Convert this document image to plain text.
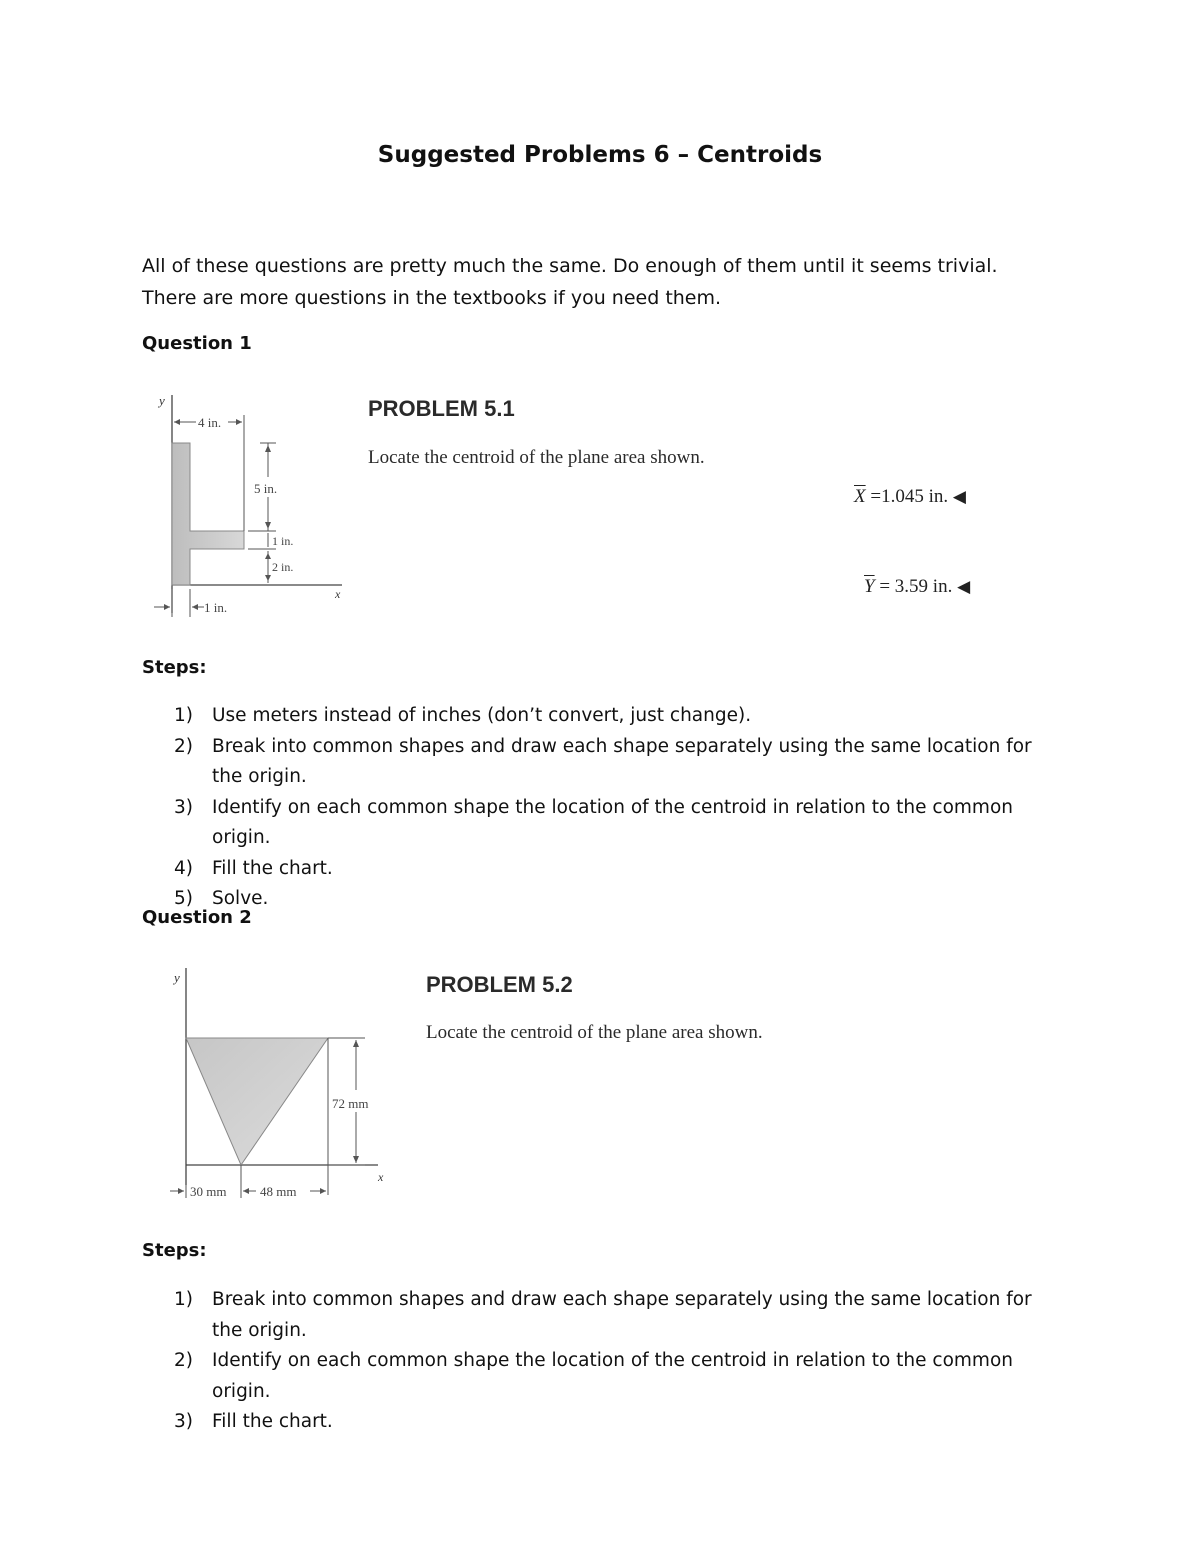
Suggested Problems 6 – Centroids
All of these questions are pretty much the same. Do enough of them until it seems trivial. There are more questions in the textbooks if you need them.
Question 1
y
x
4 in.
5 in.
1 in.
2 in.
1 in.
PROBLEM 5.1
Locate the centroid of the plane area shown.
$\overline{X} =1.045$ in. ◀
$\overline{Y} = 3.59$ in. ◀
Steps:
1) Use meters instead of inches (don’t convert, just change).
2) Break into common shapes and draw each shape separately using the same location for the origin.
3) Identify on each common shape the location of the centroid in relation to the common origin.
4) Fill the chart.
5) Solve.
Question 2
y
x
72 mm
30 mm	48 mm
PROBLEM 5.2
Locate the centroid of the plane area shown.
Steps:
1) Break into common shapes and draw each shape separately using the same location for the origin.
2) Identify on each common shape the location of the centroid in relation to the common origin.
3) Fill the chart.
